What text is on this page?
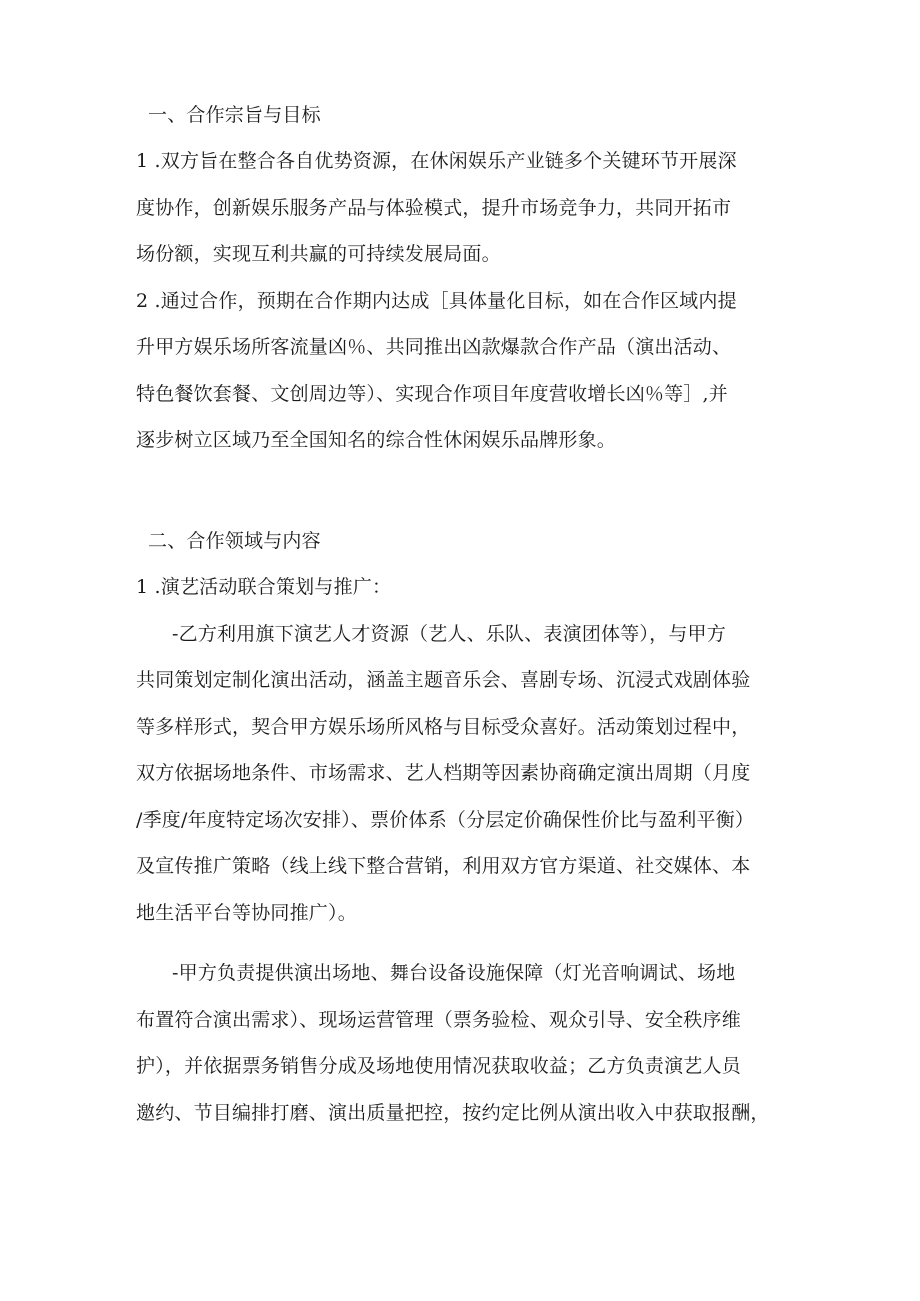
一、合作宗旨与目标
1 .双方旨在整合各自优势资源，在休闲娱乐产业链多个关键环节开展深
度协作，创新娱乐服务产品与体验模式，提升市场竞争力，共同开拓市
场份额，实现互利共赢的可持续发展局面。
2 .通过合作，预期在合作期内达成［具体量化目标，如在合作区域内提
升甲方娱乐场所客流量凶％、共同推出凶款爆款合作产品（演出活动、
特色餐饮套餐、文创周边等）、实现合作项目年度营收增长凶％等］,并
逐步树立区域乃至全国知名的综合性休闲娱乐品牌形象。
二、合作领域与内容
1 .演艺活动联合策划与推广：
-乙方利用旗下演艺人才资源（艺人、乐队、表演团体等），与甲方
共同策划定制化演出活动，涵盖主题音乐会、喜剧专场、沉浸式戏剧体验
等多样形式，契合甲方娱乐场所风格与目标受众喜好。活动策划过程中，
双方依据场地条件、市场需求、艺人档期等因素协商确定演出周期（月度
/季度/年度特定场次安排）、票价体系（分层定价确保性价比与盈利平衡）
及宣传推广策略（线上线下整合营销，利用双方官方渠道、社交媒体、本
地生活平台等协同推广）。
-甲方负责提供演出场地、舞台设备设施保障（灯光音响调试、场地
布置符合演出需求）、现场运营管理（票务验检、观众引导、安全秩序维
护），并依据票务销售分成及场地使用情况获取收益；乙方负责演艺人员
邀约、节目编排打磨、演出质量把控，按约定比例从演出收入中获取报酬，
